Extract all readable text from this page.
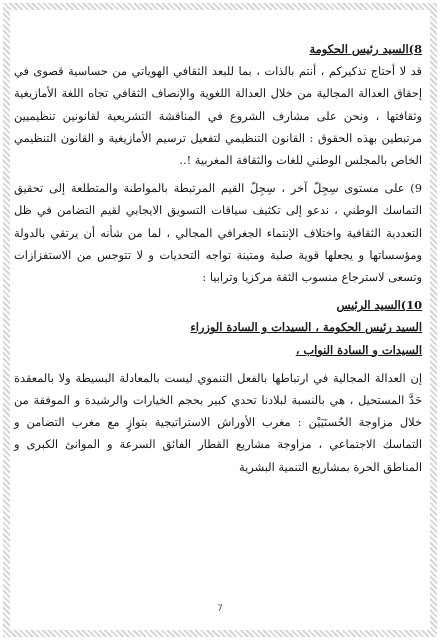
8)السيد رئيس الحكومة

قد لا أحتاج تذكيركم ، أنتم بالذات ، بما للبعد الثقافي الهوياتي من حساسية قصوى في إحقاق العدالة المجالية من خلال العدالة اللغوية والإنصاف الثقافي تجاه اللغة الأمازيغية وثقافتها ، ونحن على مشارف الشروع في المناقشة التشريعية لقانونين تنظيميين مرتبطين بهذه الحقوق : القانون التنظيمي لتفعيل ترسيم الأمازيغية و القانون التنظيمي الخاص بالمجلس الوطني للغات والثقافة المغربية !..

9) على مستوى سِجِلّ آخر ، سِجِلّ القيم المرتبطة بالمواطنة والمتطلعة إلى تحقيق التماسك الوطني ، ندعو إلى تكثيف سياقات التسويق الايجابي لقيم التضامن في ظل التعددية الثقافية واختلاف الإنتماء الجغرافي المجالي ، لما من شأنه أن يرتقي بالدولة ومؤسساتها و يجعلها قوية صلبة ومتينة تواجه التحديات و لا تتوجس من الاستفزازات وتسعى لاسترجاع منسوب الثقة مركزيا وترابيا :

10)السيد الرئيس

السيد رئيس الحكومة ، السيدات و السادة الوزراء

السيدات و السادة النواب ،

إن العدالة المجالية في ارتباطها بالفعل التنموي ليست بالمعادلة البسيطة ولا بالمعقدة حَدَّ المستحيل ، هي بالنسبة لبلادنا تحدي كبير بحجم الخيارات والرشيدة و الموفقة من خلال مزاوجة الحُسنَيَيْن : مغرب الأوراش الاستراتيجية بتوازٍ مع مغرب التضامن و التماسك الاجتماعي ، مزاوجة مشاريع القطار الفائق السرعة و الموانئ الكبرى و المناطق الحرة بمشاريع التنمية البشرية

7
